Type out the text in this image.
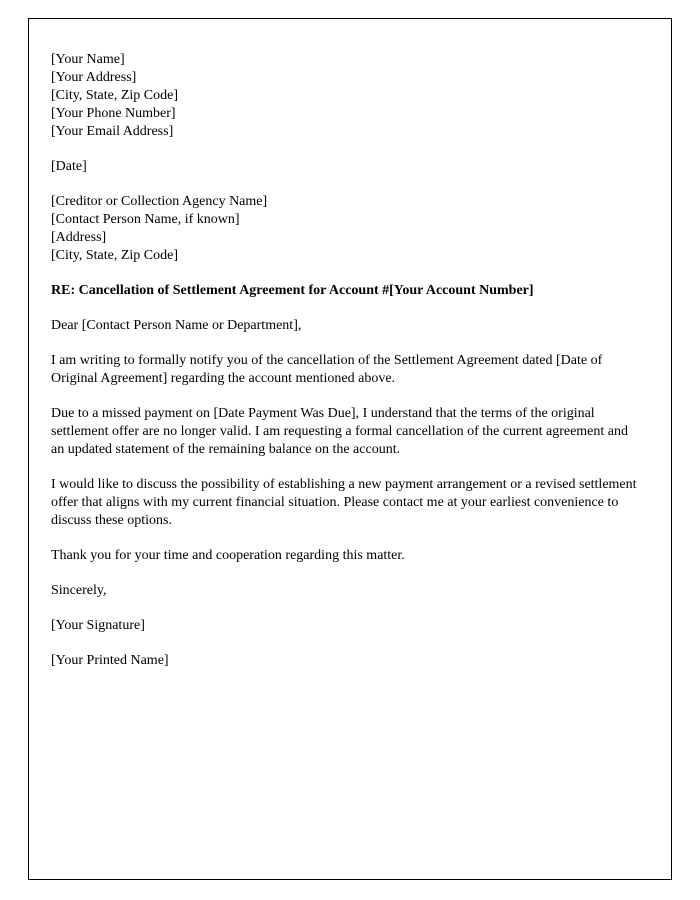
[Your Name]
[Your Address]
[City, State, Zip Code]
[Your Phone Number]
[Your Email Address]
[Date]
[Creditor or Collection Agency Name]
[Contact Person Name, if known]
[Address]
[City, State, Zip Code]
RE: Cancellation of Settlement Agreement for Account #[Your Account Number]
Dear [Contact Person Name or Department],
I am writing to formally notify you of the cancellation of the Settlement Agreement dated [Date of Original Agreement] regarding the account mentioned above.
Due to a missed payment on [Date Payment Was Due], I understand that the terms of the original settlement offer are no longer valid. I am requesting a formal cancellation of the current agreement and an updated statement of the remaining balance on the account.
I would like to discuss the possibility of establishing a new payment arrangement or a revised settlement offer that aligns with my current financial situation. Please contact me at your earliest convenience to discuss these options.
Thank you for your time and cooperation regarding this matter.
Sincerely,
[Your Signature]
[Your Printed Name]
